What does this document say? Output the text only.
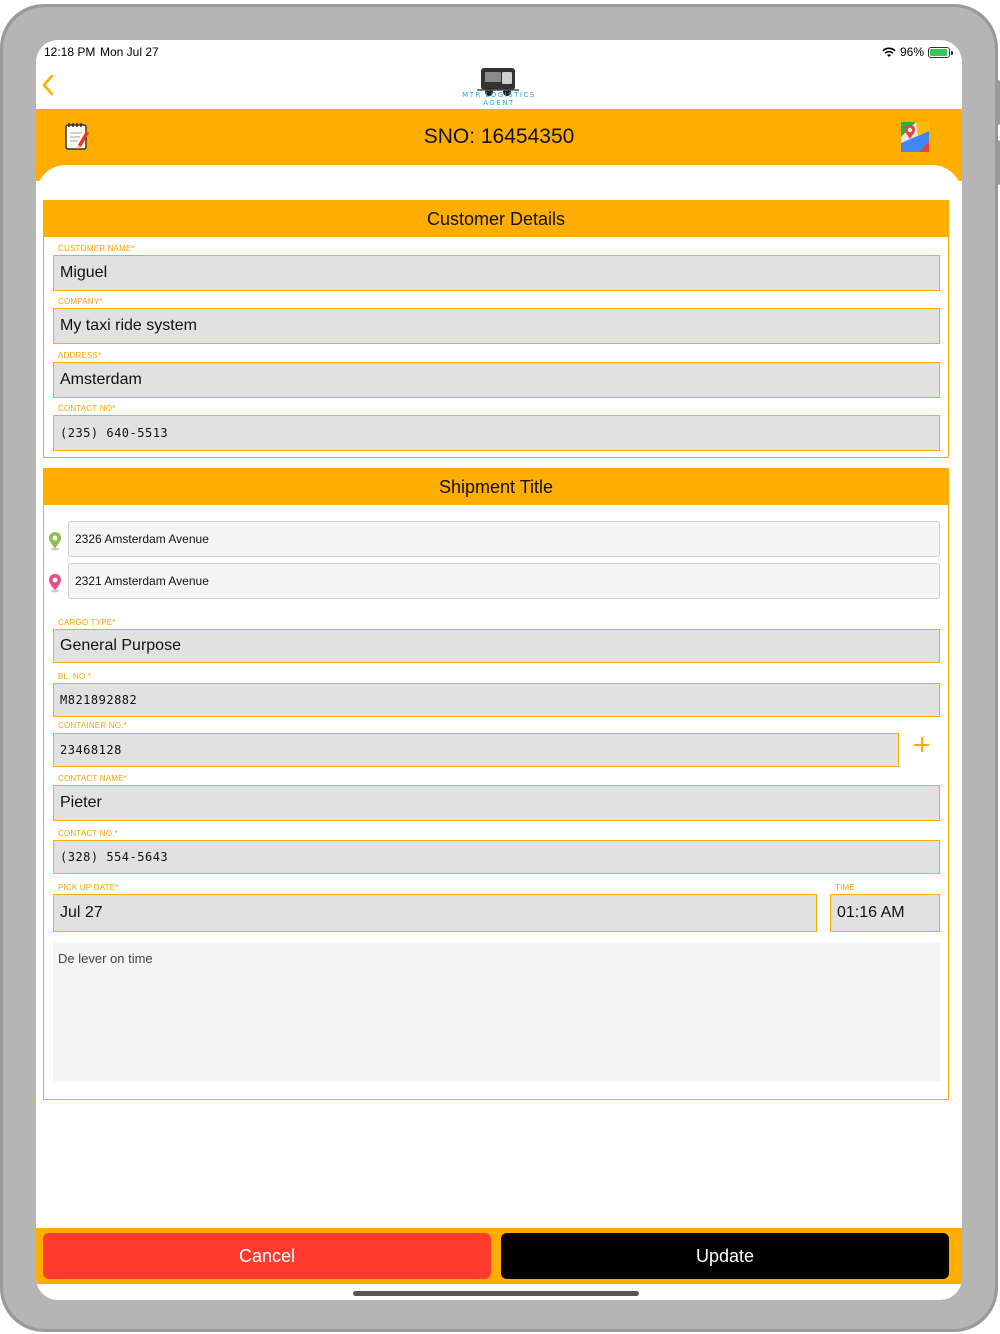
12:18 PM Mon Jul 27	96%
MTR LOGISTICS AGENT
SNO: 16454350
Customer Details
CUSTOMER NAME*
Miguel
COMPANY*
My taxi ride system
ADDRESS*
Amsterdam
CONTACT NO*
(235) 640-5513
Shipment Title
2326 Amsterdam Avenue
2321 Amsterdam Avenue
CARGO TYPE*
General Purpose
BL. NO.*
M821892882
CONTAINER NO.*
23468128
CONTACT NAME*
Pieter
CONTACT NO.*
(328) 554-5643
PICK UP DATE*
Jul 27
TIME
01:16 AM
De lever on time
Cancel	Update
